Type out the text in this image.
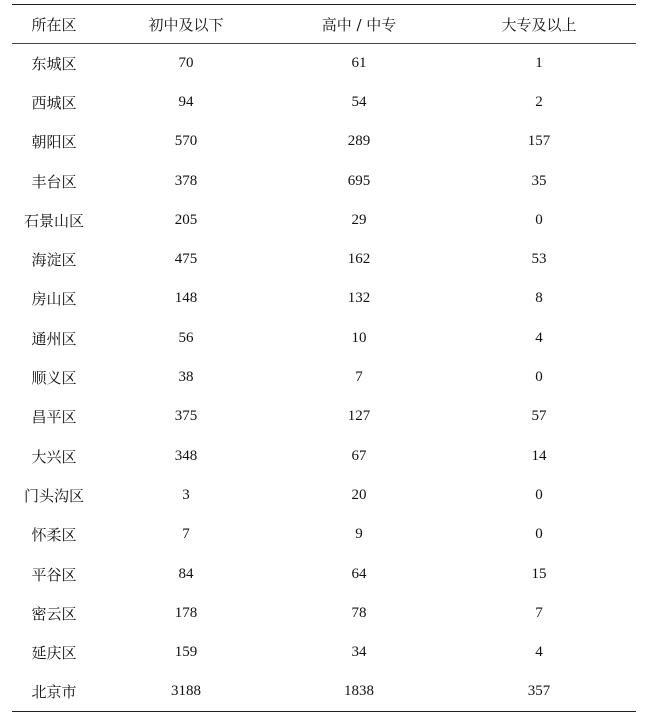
所在区	初中及以下	高中 / 中专	大专及以上
东城区	70	61	1
西城区	94	54	2
朝阳区	570	289	157
丰台区	378	695	35
石景山区	205	29	0
海淀区	475	162	53
房山区	148	132	8
通州区	56	10	4
顺义区	38	7	0
昌平区	375	127	57
大兴区	348	67	14
门头沟区	3	20	0
怀柔区	7	9	0
平谷区	84	64	15
密云区	178	78	7
延庆区	159	34	4
北京市	3188	1838	357
